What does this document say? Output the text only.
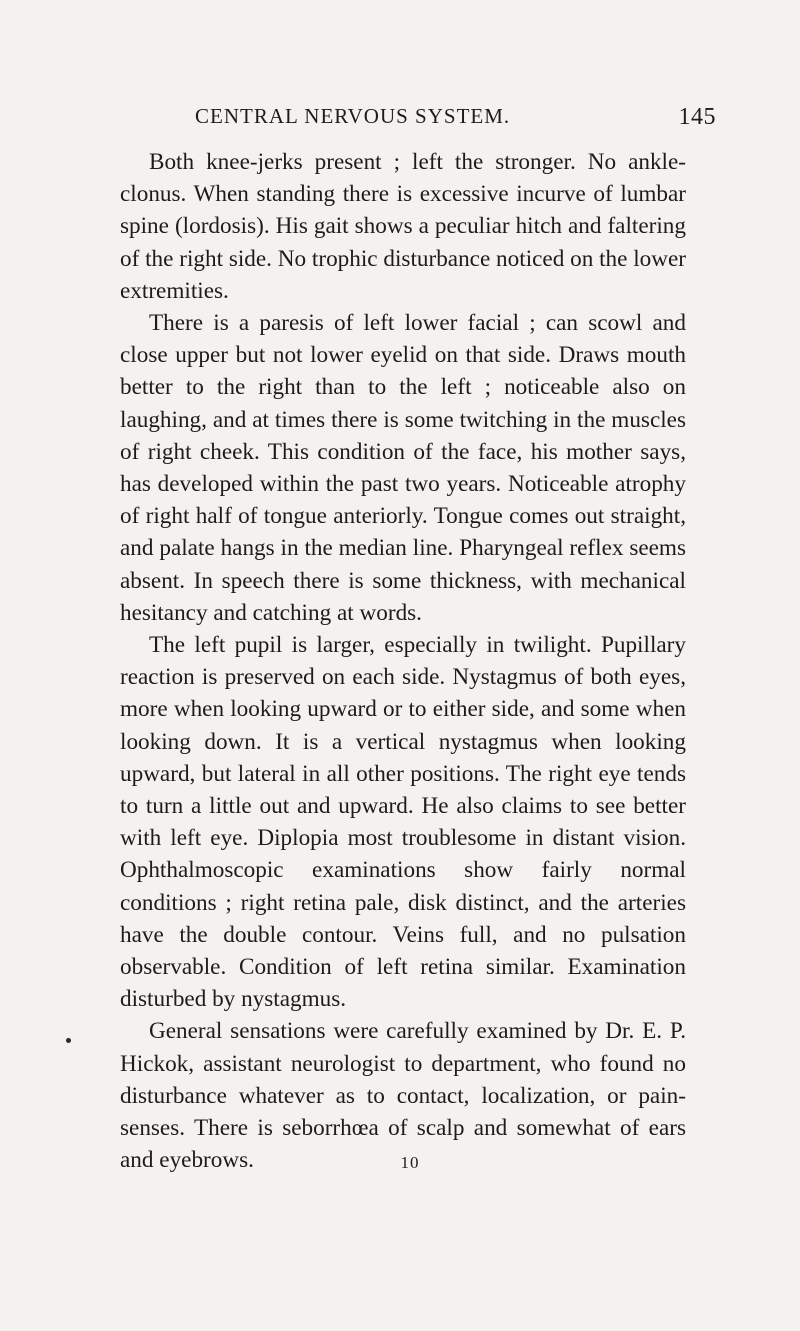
CENTRAL NERVOUS SYSTEM.	145

Both knee-jerks present ; left the stronger. No ankle-clonus. When standing there is excessive incurve of lumbar spine (lordosis). His gait shows a peculiar hitch and faltering of the right side. No trophic disturbance noticed on the lower extremities.

There is a paresis of left lower facial ; can scowl and close upper but not lower eyelid on that side. Draws mouth better to the right than to the left ; noticeable also on laughing, and at times there is some twitching in the muscles of right cheek. This condition of the face, his mother says, has developed within the past two years. Noticeable atrophy of right half of tongue anteriorly. Tongue comes out straight, and palate hangs in the median line. Pharyngeal reflex seems absent. In speech there is some thickness, with mechanical hesitancy and catching at words.

The left pupil is larger, especially in twilight. Pupillary reaction is preserved on each side. Nystagmus of both eyes, more when looking upward or to either side, and some when looking down. It is a vertical nystagmus when looking upward, but lateral in all other positions. The right eye tends to turn a little out and upward. He also claims to see better with left eye. Diplopia most troublesome in distant vision. Ophthalmoscopic examinations show fairly normal conditions ; right retina pale, disk distinct, and the arteries have the double contour. Veins full, and no pulsation observable. Condition of left retina similar. Examination disturbed by nystagmus.

General sensations were carefully examined by Dr. E. P. Hickok, assistant neurologist to department, who found no disturbance whatever as to contact, localization, or pain-senses. There is seborrhœa of scalp and somewhat of ears and eyebrows.	10
